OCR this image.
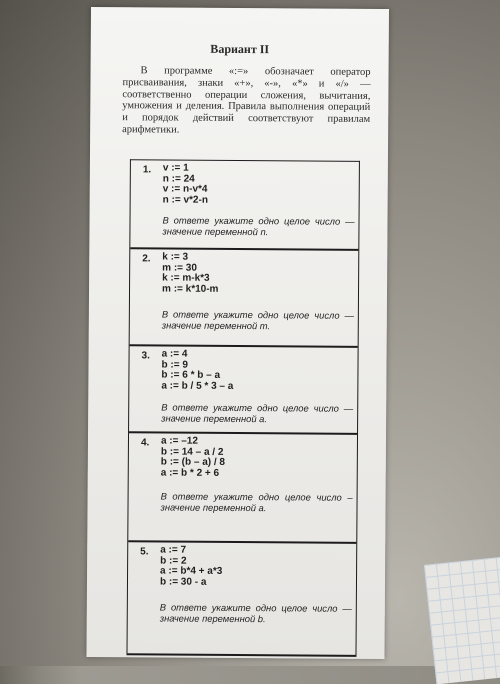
Вариант II
В программе «:=» обозначает оператор присваивания, знаки «+», «-», «*» и «/» — соответственно операции сложения, вычитания, умножения и деления. Правила выполнения операций и порядок действий соответствуют правилам арифметики.
1. v := 1
n := 24
v := n-v*4
n := v*2-n
В ответе укажите одно целое число — значение переменной n.
2. k := 3
m := 30
k := m-k*3
m := k*10-m
В ответе укажите одно целое число — значение переменной m.
3. a := 4
b := 9
b := 6 * b – a
a := b / 5 * 3 – a
В ответе укажите одно целое число — значение переменной a.
4. a := –12
b := 14 – a / 2
b := (b – a) / 8
a := b * 2 + 6
В ответе укажите одно целое число – значение переменной a.
5. a := 7
b := 2
a := b*4 + a*3
b := 30 - a
В ответе укажите одно целое число — значение переменной b.
